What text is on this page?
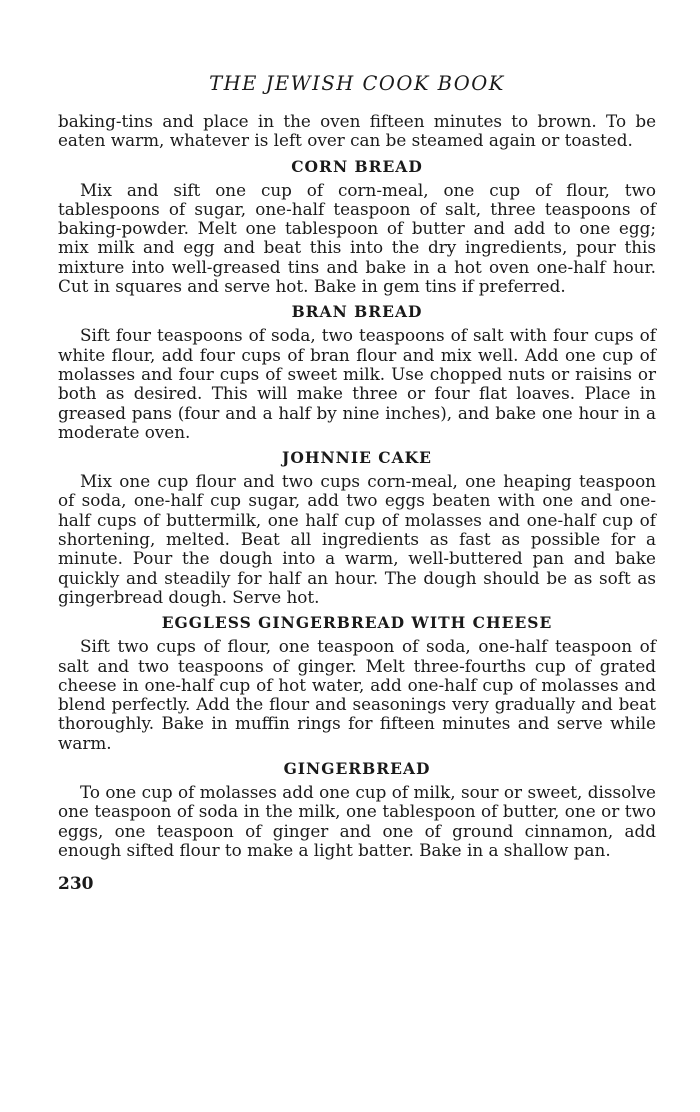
THE JEWISH COOK BOOK

baking-tins and place in the oven fifteen minutes to brown. To be eaten warm, whatever is left over can be steamed again or toasted.

CORN BREAD

Mix and sift one cup of corn-meal, one cup of flour, two tablespoons of sugar, one-half teaspoon of salt, three teaspoons of baking-powder. Melt one tablespoon of butter and add to one egg; mix milk and egg and beat this into the dry ingredients, pour this mixture into well-greased tins and bake in a hot oven one-half hour. Cut in squares and serve hot. Bake in gem tins if preferred.

BRAN BREAD

Sift four teaspoons of soda, two teaspoons of salt with four cups of white flour, add four cups of bran flour and mix well. Add one cup of molasses and four cups of sweet milk. Use chopped nuts or raisins or both as desired. This will make three or four flat loaves. Place in greased pans (four and a half by nine inches), and bake one hour in a moderate oven.

JOHNNIE CAKE

Mix one cup flour and two cups corn-meal, one heaping teaspoon of soda, one-half cup sugar, add two eggs beaten with one and one-half cups of buttermilk, one half cup of molasses and one-half cup of shortening, melted. Beat all ingredients as fast as possible for a minute. Pour the dough into a warm, well-buttered pan and bake quickly and steadily for half an hour. The dough should be as soft as gingerbread dough. Serve hot.

EGGLESS GINGERBREAD WITH CHEESE

Sift two cups of flour, one teaspoon of soda, one-half teaspoon of salt and two teaspoons of ginger. Melt three-fourths cup of grated cheese in one-half cup of hot water, add one-half cup of molasses and blend perfectly. Add the flour and seasonings very gradually and beat thoroughly. Bake in muffin rings for fifteen minutes and serve while warm.

GINGERBREAD

To one cup of molasses add one cup of milk, sour or sweet, dissolve one teaspoon of soda in the milk, one tablespoon of butter, one or two eggs, one teaspoon of ginger and one of ground cinnamon, add enough sifted flour to make a light batter. Bake in a shallow pan.

230
